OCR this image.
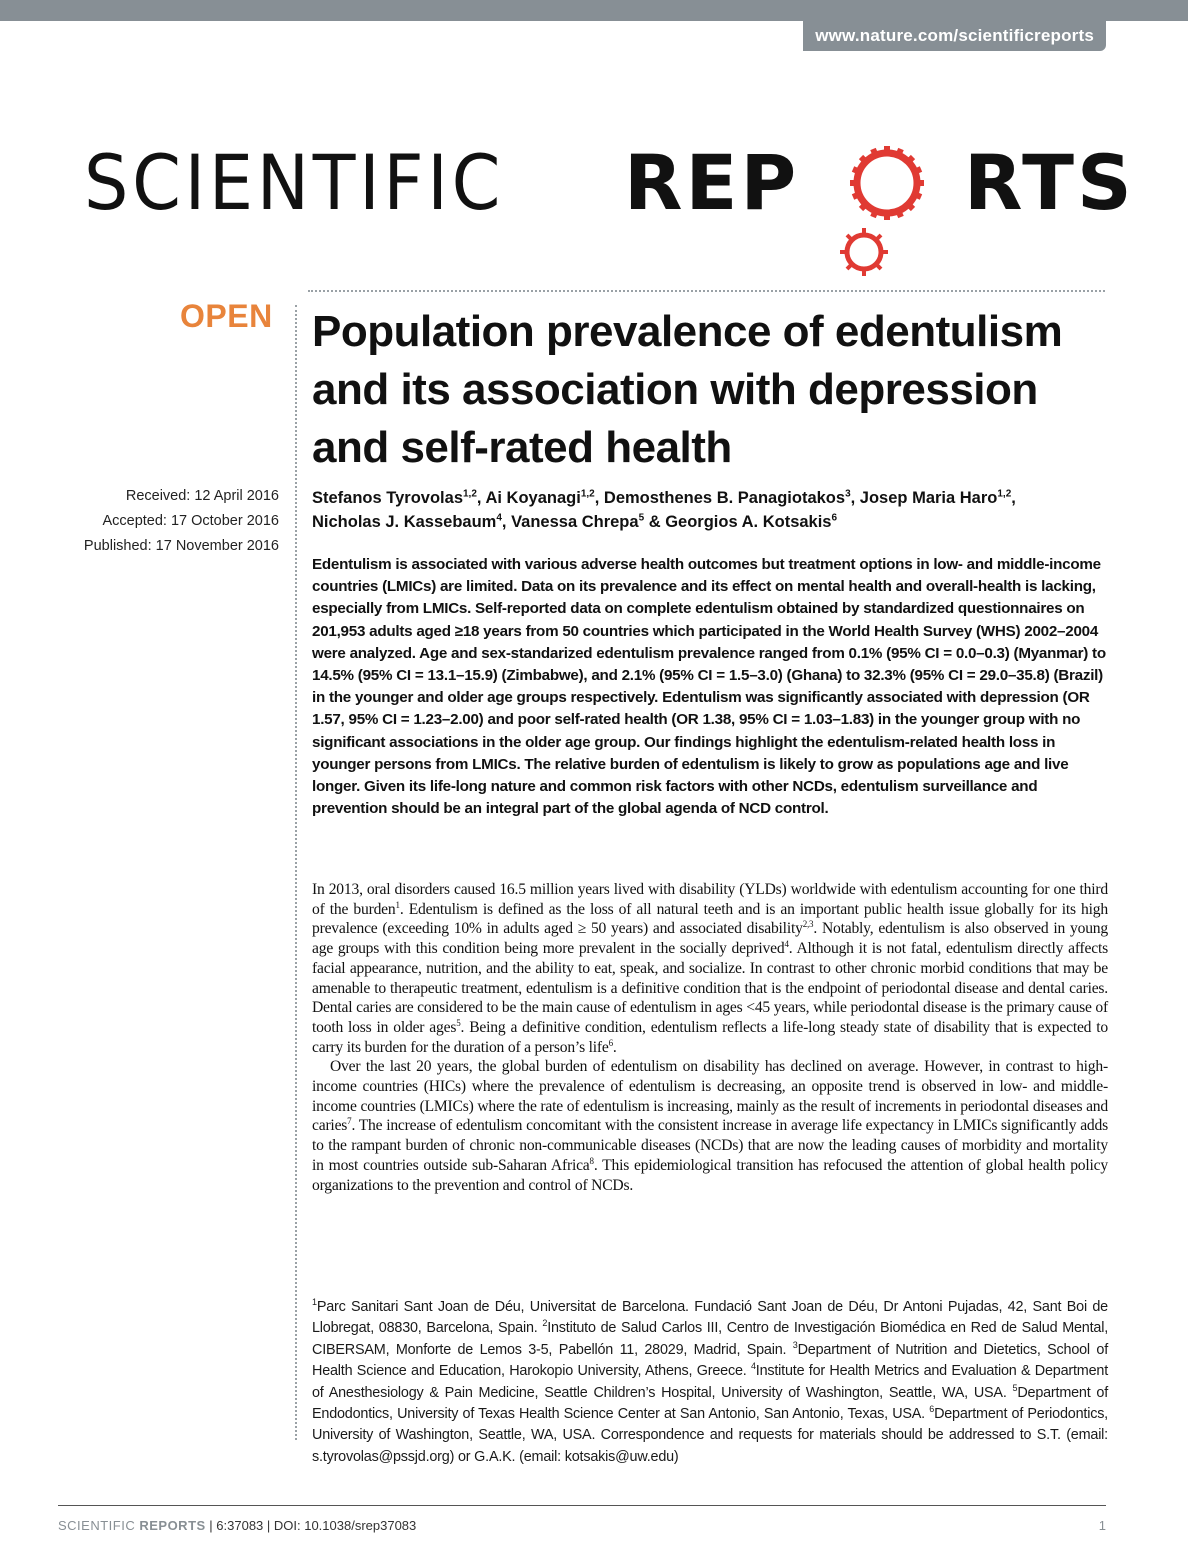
www.nature.com/scientificreports
SCIENTIFIC REP RTS
OPEN Population prevalence of edentulism and its association with depression and self-rated health
Received: 12 April 2016
Accepted: 17 October 2016
Published: 17 November 2016
Stefanos Tyrovolas$^{1,2}$, Ai Koyanagi$^{1,2}$, Demosthenes B. Panagiotakos$^3$, Josep Maria Haro$^{1,2}$,
Nicholas J. Kassebaum$^4$, Vanessa Chrepa$^5$ & Georgios A. Kotsakis$^6$
Edentulism is associated with various adverse health outcomes but treatment options in low- and middle-income countries (LMICs) are limited. Data on its prevalence and its effect on mental health and overall-health is lacking, especially from LMICs. Self-reported data on complete edentulism obtained by standardized questionnaires on 201,953 adults aged ≥18 years from 50 countries which participated in the World Health Survey (WHS) 2002–2004 were analyzed. Age and sex-standarized edentulism prevalence ranged from 0.1% (95% CI = 0.0–0.3) (Myanmar) to 14.5% (95% CI = 13.1–15.9) (Zimbabwe), and 2.1% (95% CI = 1.5–3.0) (Ghana) to 32.3% (95% CI = 29.0–35.8) (Brazil) in the younger and older age groups respectively. Edentulism was significantly associated with depression (OR 1.57, 95% CI = 1.23–2.00) and poor self-rated health (OR 1.38, 95% CI = 1.03–1.83) in the younger group with no significant associations in the older age group. Our findings highlight the edentulism-related health loss in younger persons from LMICs. The relative burden of edentulism is likely to grow as populations age and live longer. Given its life-long nature and common risk factors with other NCDs, edentulism surveillance and prevention should be an integral part of the global agenda of NCD control.

In 2013, oral disorders caused 16.5 million years lived with disability (YLDs) worldwide with edentulism accounting for one third of the burden$^1$. Edentulism is defined as the loss of all natural teeth and is an important public health issue globally for its high prevalence (exceeding 10% in adults aged ≥ 50 years) and associated disability$^{2,3}$. Notably, edentulism is also observed in young age groups with this condition being more prevalent in the socially deprived$^4$. Although it is not fatal, edentulism directly affects facial appearance, nutrition, and the ability to eat, speak, and socialize. In contrast to other chronic morbid conditions that may be amenable to therapeutic treatment, edentulism is a definitive condition that is the endpoint of periodontal disease and dental caries. Dental caries are considered to be the main cause of edentulism in ages <45 years, while periodontal disease is the primary cause of tooth loss in older ages$^5$. Being a definitive condition, edentulism reflects a life-long steady state of disability that is expected to carry its burden for the duration of a person’s life$^6$.

Over the last 20 years, the global burden of edentulism on disability has declined on average. However, in contrast to high-income countries (HICs) where the prevalence of edentulism is decreasing, an opposite trend is observed in low- and middle-income countries (LMICs) where the rate of edentulism is increasing, mainly as the result of increments in periodontal diseases and caries$^7$. The increase of edentulism concomitant with the consistent increase in average life expectancy in LMICs significantly adds to the rampant burden of chronic non-communicable diseases (NCDs) that are now the leading causes of morbidity and mortality in most countries outside sub-Saharan Africa$^8$. This epidemiological transition has refocused the attention of global health policy organizations to the prevention and control of NCDs.

$^1$Parc Sanitari Sant Joan de Déu, Universitat de Barcelona. Fundació Sant Joan de Déu, Dr Antoni Pujadas, 42, Sant Boi de Llobregat, 08830, Barcelona, Spain. $^2$Instituto de Salud Carlos III, Centro de Investigación Biomédica en Red de Salud Mental, CIBERSAM, Monforte de Lemos 3-5, Pabellón 11, 28029, Madrid, Spain. $^3$Department of Nutrition and Dietetics, School of Health Science and Education, Harokopio University, Athens, Greece. $^4$Institute for Health Metrics and Evaluation & Department of Anesthesiology & Pain Medicine, Seattle Children’s Hospital, University of Washington, Seattle, WA, USA. $^5$Department of Endodontics, University of Texas Health Science Center at San Antonio, San Antonio, Texas, USA. $^6$Department of Periodontics, University of Washington, Seattle, WA, USA. Correspondence and requests for materials should be addressed to S.T. (email: s.tyrovolas@pssjd.org) or G.A.K. (email: kotsakis@uw.edu)
SCIENTIFIC REPORTS | 6:37083 | DOI: 10.1038/srep37083	1
